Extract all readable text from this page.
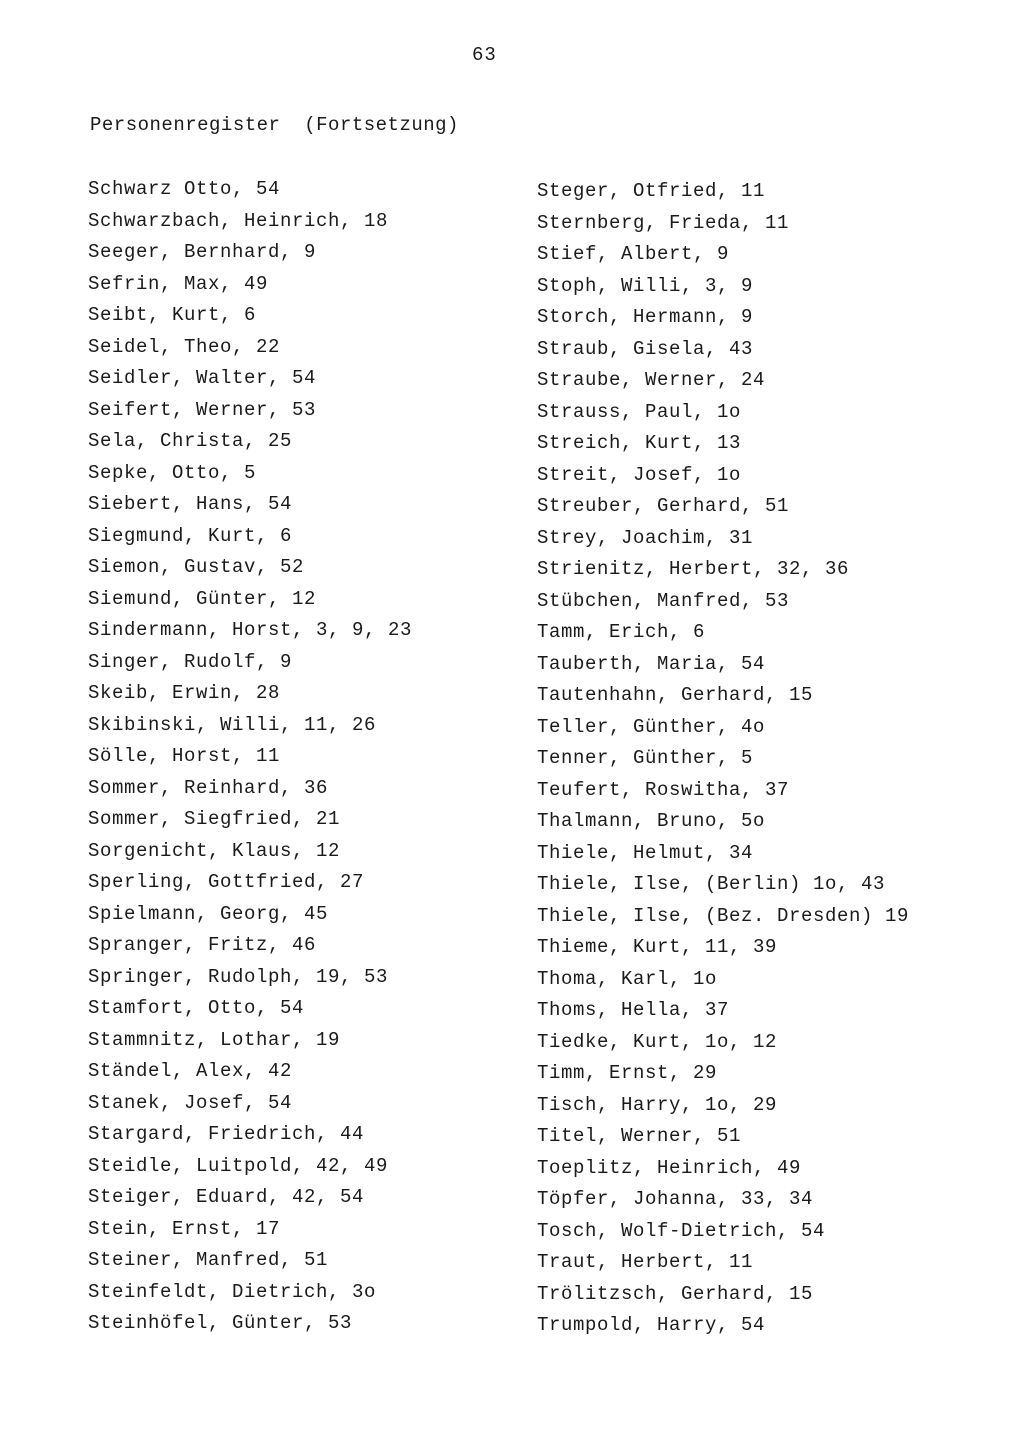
63
Personenregister  (Fortsetzung)
Schwarz Otto, 54
Schwarzbach, Heinrich, 18
Seeger, Bernhard, 9
Sefrin, Max, 49
Seibt, Kurt, 6
Seidel, Theo, 22
Seidler, Walter, 54
Seifert, Werner, 53
Sela, Christa, 25
Sepke, Otto, 5
Siebert, Hans, 54
Siegmund, Kurt, 6
Siemon, Gustav, 52
Siemund, Günter, 12
Sindermann, Horst, 3, 9, 23
Singer, Rudolf, 9
Skeib, Erwin, 28
Skibinski, Willi, 11, 26
Sölle, Horst, 11
Sommer, Reinhard, 36
Sommer, Siegfried, 21
Sorgenicht, Klaus, 12
Sperling, Gottfried, 27
Spielmann, Georg, 45
Spranger, Fritz, 46
Springer, Rudolph, 19, 53
Stamfort, Otto, 54
Stammnitz, Lothar, 19
Ständel, Alex, 42
Stanek, Josef, 54
Stargard, Friedrich, 44
Steidle, Luitpold, 42, 49
Steiger, Eduard, 42, 54
Stein, Ernst, 17
Steiner, Manfred, 51
Steinfeldt, Dietrich, 3o
Steinhöfel, Günter, 53
Steger, Otfried, 11
Sternberg, Frieda, 11
Stief, Albert, 9
Stoph, Willi, 3, 9
Storch, Hermann, 9
Straub, Gisela, 43
Straube, Werner, 24
Strauss, Paul, 1o
Streich, Kurt, 13
Streit, Josef, 1o
Streuber, Gerhard, 51
Strey, Joachim, 31
Strienitz, Herbert, 32, 36
Stübchen, Manfred, 53
Tamm, Erich, 6
Tauberth, Maria, 54
Tautenhahn, Gerhard, 15
Teller, Günther, 4o
Tenner, Günther, 5
Teufert, Roswitha, 37
Thalmann, Bruno, 5o
Thiele, Helmut, 34
Thiele, Ilse, (Berlin) 1o, 43
Thiele, Ilse, (Bez. Dresden) 19
Thieme, Kurt, 11, 39
Thoma, Karl, 1o
Thoms, Hella, 37
Tiedke, Kurt, 1o, 12
Timm, Ernst, 29
Tisch, Harry, 1o, 29
Titel, Werner, 51
Toeplitz, Heinrich, 49
Töpfer, Johanna, 33, 34
Tosch, Wolf-Dietrich, 54
Traut, Herbert, 11
Trölitzsch, Gerhard, 15
Trumpold, Harry, 54
